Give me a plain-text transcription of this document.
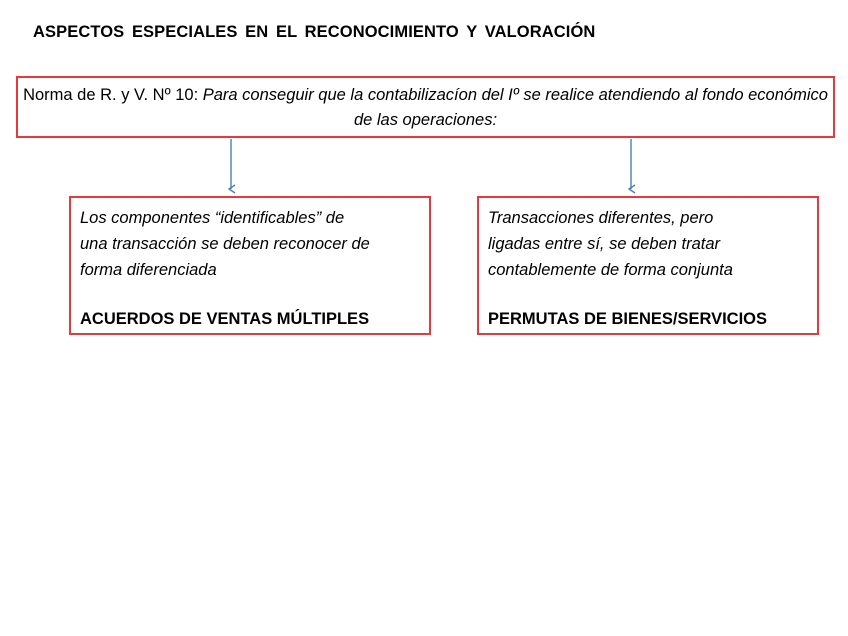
ASPECTOS ESPECIALES EN EL RECONOCIMIENTO Y VALORACIÓN
Norma de R. y V. Nº 10: Para conseguir que la contabilizacíon del Iº se realice atendiendo al fondo económico de las operaciones:
Los componentes “identificables” de
una transacción se deben reconocer de
forma diferenciada
ACUERDOS DE VENTAS MÚLTIPLES
Transacciones diferentes, pero
ligadas entre sí, se deben tratar
contablemente de forma conjunta
PERMUTAS DE BIENES/SERVICIOS
